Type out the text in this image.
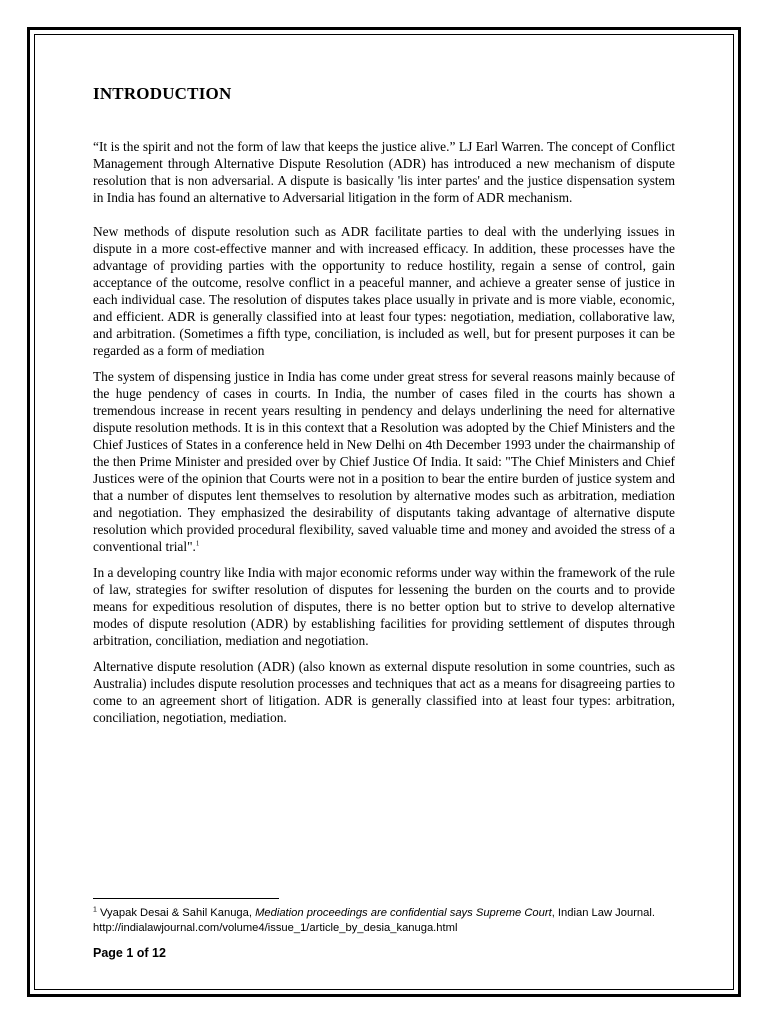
INTRODUCTION

“It is the spirit and not the form of law that keeps the justice alive.” LJ Earl Warren. The concept of Conflict Management through Alternative Dispute Resolution (ADR) has introduced a new mechanism of dispute resolution that is non adversarial. A dispute is basically 'lis inter partes' and the justice dispensation system in India has found an alternative to Adversarial litigation in the form of ADR mechanism.

New methods of dispute resolution such as ADR facilitate parties to deal with the underlying issues in dispute in a more cost-effective manner and with increased efficacy. In addition, these processes have the advantage of providing parties with the opportunity to reduce hostility, regain a sense of control, gain acceptance of the outcome, resolve conflict in a peaceful manner, and achieve a greater sense of justice in each individual case. The resolution of disputes takes place usually in private and is more viable, economic, and efficient. ADR is generally classified into at least four types: negotiation, mediation, collaborative law, and arbitration. (Sometimes a fifth type, conciliation, is included as well, but for present purposes it can be regarded as a form of mediation

The system of dispensing justice in India has come under great stress for several reasons mainly because of the huge pendency of cases in courts. In India, the number of cases filed in the courts has shown a tremendous increase in recent years resulting in pendency and delays underlining the need for alternative dispute resolution methods. It is in this context that a Resolution was adopted by the Chief Ministers and the Chief Justices of States in a conference held in New Delhi on 4th December 1993 under the chairmanship of the then Prime Minister and presided over by Chief Justice Of India. It said: "The Chief Ministers and Chief Justices were of the opinion that Courts were not in a position to bear the entire burden of justice system and that a number of disputes lent themselves to resolution by alternative modes such as arbitration, mediation and negotiation. They emphasized the desirability of disputants taking advantage of alternative dispute resolution which provided procedural flexibility, saved valuable time and money and avoided the stress of a conventional trial".$^1$

In a developing country like India with major economic reforms under way within the framework of the rule of law, strategies for swifter resolution of disputes for lessening the burden on the courts and to provide means for expeditious resolution of disputes, there is no better option but to strive to develop alternative modes of dispute resolution (ADR) by establishing facilities for providing settlement of disputes through arbitration, conciliation, mediation and negotiation.

Alternative dispute resolution (ADR) (also known as external dispute resolution in some countries, such as Australia) includes dispute resolution processes and techniques that act as a means for disagreeing parties to come to an agreement short of litigation. ADR is generally classified into at least four types: arbitration, conciliation, negotiation, mediation.

$^1$ Vyapak Desai & Sahil Kanuga, Mediation proceedings are confidential says Supreme Court, Indian Law Journal.
http://indialawjournal.com/volume4/issue_1/article_by_desia_kanuga.html
Page 1 of 12
